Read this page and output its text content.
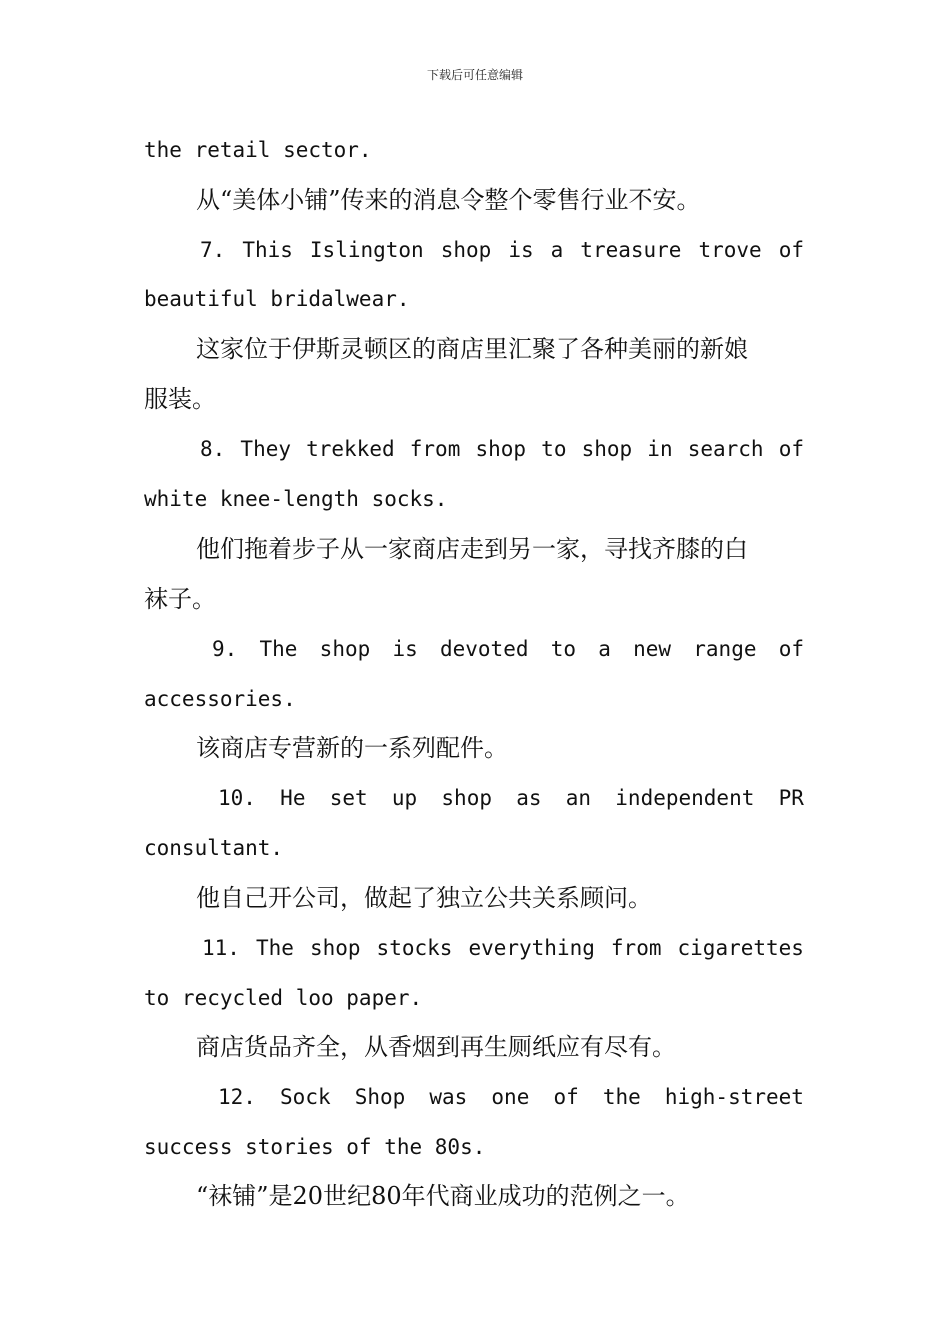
下载后可任意编辑
the retail sector.
从“美体小铺”传来的消息令整个零售行业不安。
7. This Islington shop is a treasure trove of
beautiful bridalwear.
这家位于伊斯灵顿区的商店里汇聚了各种美丽的新娘
服装。
8. They trekked from shop to shop in search of
white knee-length socks.
他们拖着步子从一家商店走到另一家，寻找齐膝的白
袜子。
9. The shop is devoted to a new range of
accessories.
该商店专营新的一系列配件。
10. He set up shop as an independent PR
consultant.
他自己开公司，做起了独立公共关系顾问。
11. The shop stocks everything from cigarettes
to recycled loo paper.
商店货品齐全，从香烟到再生厕纸应有尽有。
12. Sock Shop was one of the high-street
success stories of the 80s.
“袜铺”是20世纪80年代商业成功的范例之一。
